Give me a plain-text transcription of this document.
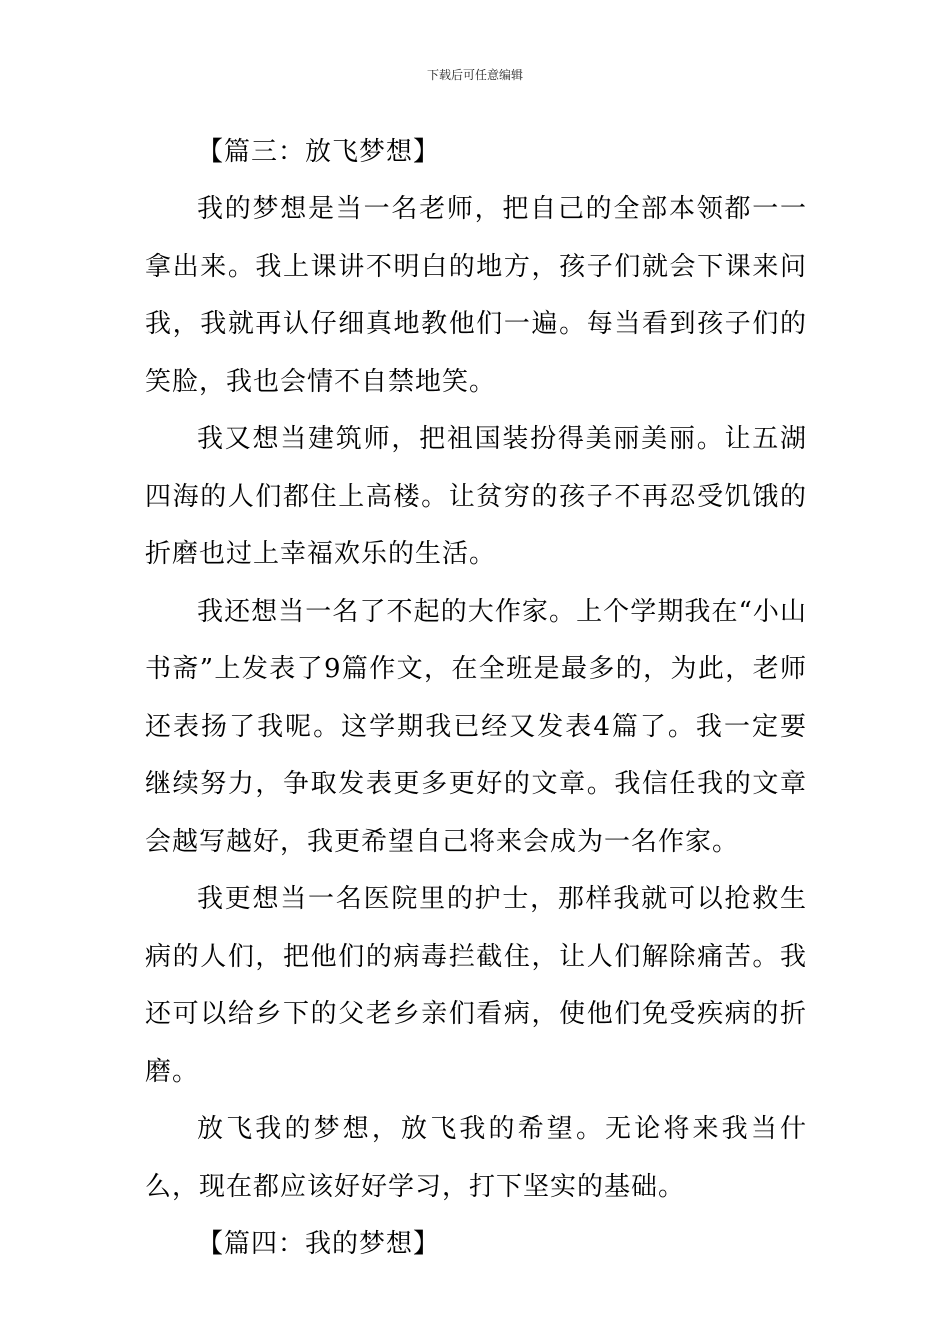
下载后可任意编辑
【篇三：放飞梦想】

我的梦想是当一名老师，把自己的全部本领都一一拿出来。我上课讲不明白的地方，孩子们就会下课来问我，我就再认仔细真地教他们一遍。每当看到孩子们的笑脸，我也会情不自禁地笑。

我又想当建筑师，把祖国装扮得美丽美丽。让五湖四海的人们都住上高楼。让贫穷的孩子不再忍受饥饿的折磨也过上幸福欢乐的生活。

我还想当一名了不起的大作家。上个学期我在“小山书斋”上发表了9篇作文，在全班是最多的，为此，老师还表扬了我呢。这学期我已经又发表4篇了。我一定要继续努力，争取发表更多更好的文章。我信任我的文章会越写越好，我更希望自己将来会成为一名作家。

我更想当一名医院里的护士，那样我就可以抢救生病的人们，把他们的病毒拦截住，让人们解除痛苦。我还可以给乡下的父老乡亲们看病，使他们免受疾病的折磨。

放飞我的梦想，放飞我的希望。无论将来我当什么，现在都应该好好学习，打下坚实的基础。

【篇四：我的梦想】
